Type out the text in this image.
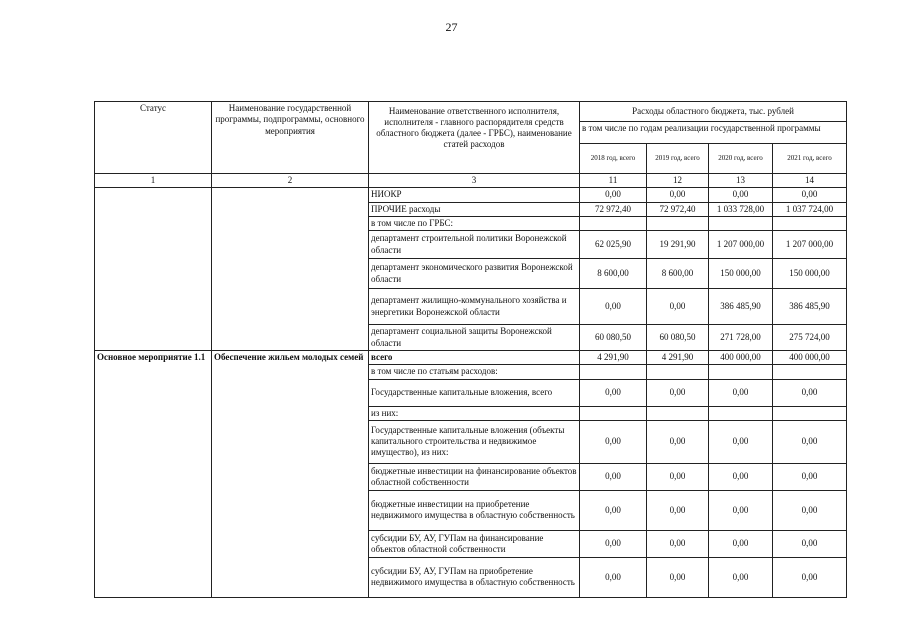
27
Статус	Наименование государственной программы, подпрограммы, основного мероприятия	Наименование ответственного исполнителя, исполнителя - главного распорядителя средств областного бюджета (далее - ГРБС), наименование статей расходов	Расходы областного бюджета, тыс. рублей			
			в том числе по годам реализации государственной программы			
			2018 год, всего	2019 год, всего	2020 год, всего	2021 год, всего
1	2	3	11	12	13	14
		НИОКР	0,00	0,00	0,00	0,00
		ПРОЧИЕ расходы	72 972,40	72 972,40	1 033 728,00	1 037 724,00
		в том числе по ГРБС:				
		департамент строительной политики Воронежской области	62 025,90	19 291,90	1 207 000,00	1 207 000,00
		департамент экономического развития Воронежской области	8 600,00	8 600,00	150 000,00	150 000,00
		департамент жилищно-коммунального хозяйства и энергетики Воронежской области	0,00	0,00	386 485,90	386 485,90
		департамент социальной защиты Воронежской области	60 080,50	60 080,50	271 728,00	275 724,00
Основное мероприятие 1.1	Обеспечение жильем молодых семей	всего	4 291,90	4 291,90	400 000,00	400 000,00
		в том числе по статьям расходов:				
		Государственные капитальные вложения, всего	0,00	0,00	0,00	0,00
		из них:				
		Государственные капитальные вложения (объекты капитального строительства и недвижимое имущество), из них:	0,00	0,00	0,00	0,00
		бюджетные инвестиции на финансирование объектов областной собственности	0,00	0,00	0,00	0,00
		бюджетные инвестиции на приобретение недвижимого имущества в областную собственность	0,00	0,00	0,00	0,00
		субсидии БУ, АУ, ГУПам на финансирование объектов областной собственности	0,00	0,00	0,00	0,00
		субсидии БУ, АУ, ГУПам на приобретение недвижимого имущества в областную собственность	0,00	0,00	0,00	0,00
